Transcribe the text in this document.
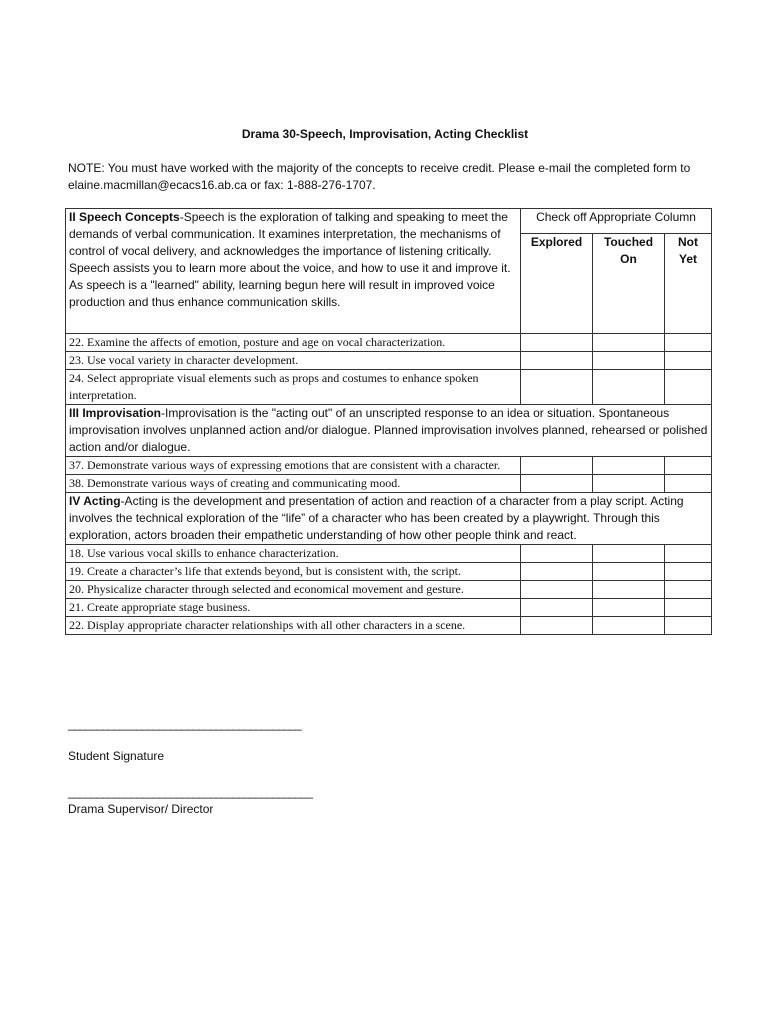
Drama 30-Speech, Improvisation, Acting Checklist
NOTE: You must have worked with the majority of the concepts to receive credit. Please e-mail the completed form to elaine.macmillan@ecacs16.ab.ca or fax: 1-888-276-1707.
II Speech Concepts-Speech is the exploration of talking and speaking to meet the demands of verbal communication. It examines interpretation, the mechanisms of control of vocal delivery, and acknowledges the importance of listening critically. Speech assists you to learn more about the voice, and how to use it and improve it. As speech is a "learned" ability, learning begun here will result in improved voice production and thus enhance communication skills.	Check off Appropriate Column		
	Explored	Touched On	Not Yet
22. Examine the affects of emotion, posture and age on vocal characterization.			
23. Use vocal variety in character development.			
24. Select appropriate visual elements such as props and costumes to enhance spoken interpretation.			
III Improvisation-Improvisation is the "acting out" of an unscripted response to an idea or situation. Spontaneous improvisation involves unplanned action and/or dialogue. Planned improvisation involves planned, rehearsed or polished action and/or dialogue.			
37. Demonstrate various ways of expressing emotions that are consistent with a character.			
38. Demonstrate various ways of creating and communicating mood.			
IV Acting-Acting is the development and presentation of action and reaction of a character from a play script. Acting involves the technical exploration of the “life” of a character who has been created by a playwright. Through this exploration, actors broaden their empathetic understanding of how other people think and react.			
18. Use various vocal skills to enhance characterization.			
19. Create a character’s life that extends beyond, but is consistent with, the script.			
20. Physicalize character through selected and economical movement and gesture.			
21. Create appropriate stage business.			
22. Display appropriate character relationships with all other characters in a scene.			
_________________________________________
Student Signature
___________________________________________
Drama Supervisor/ Director
